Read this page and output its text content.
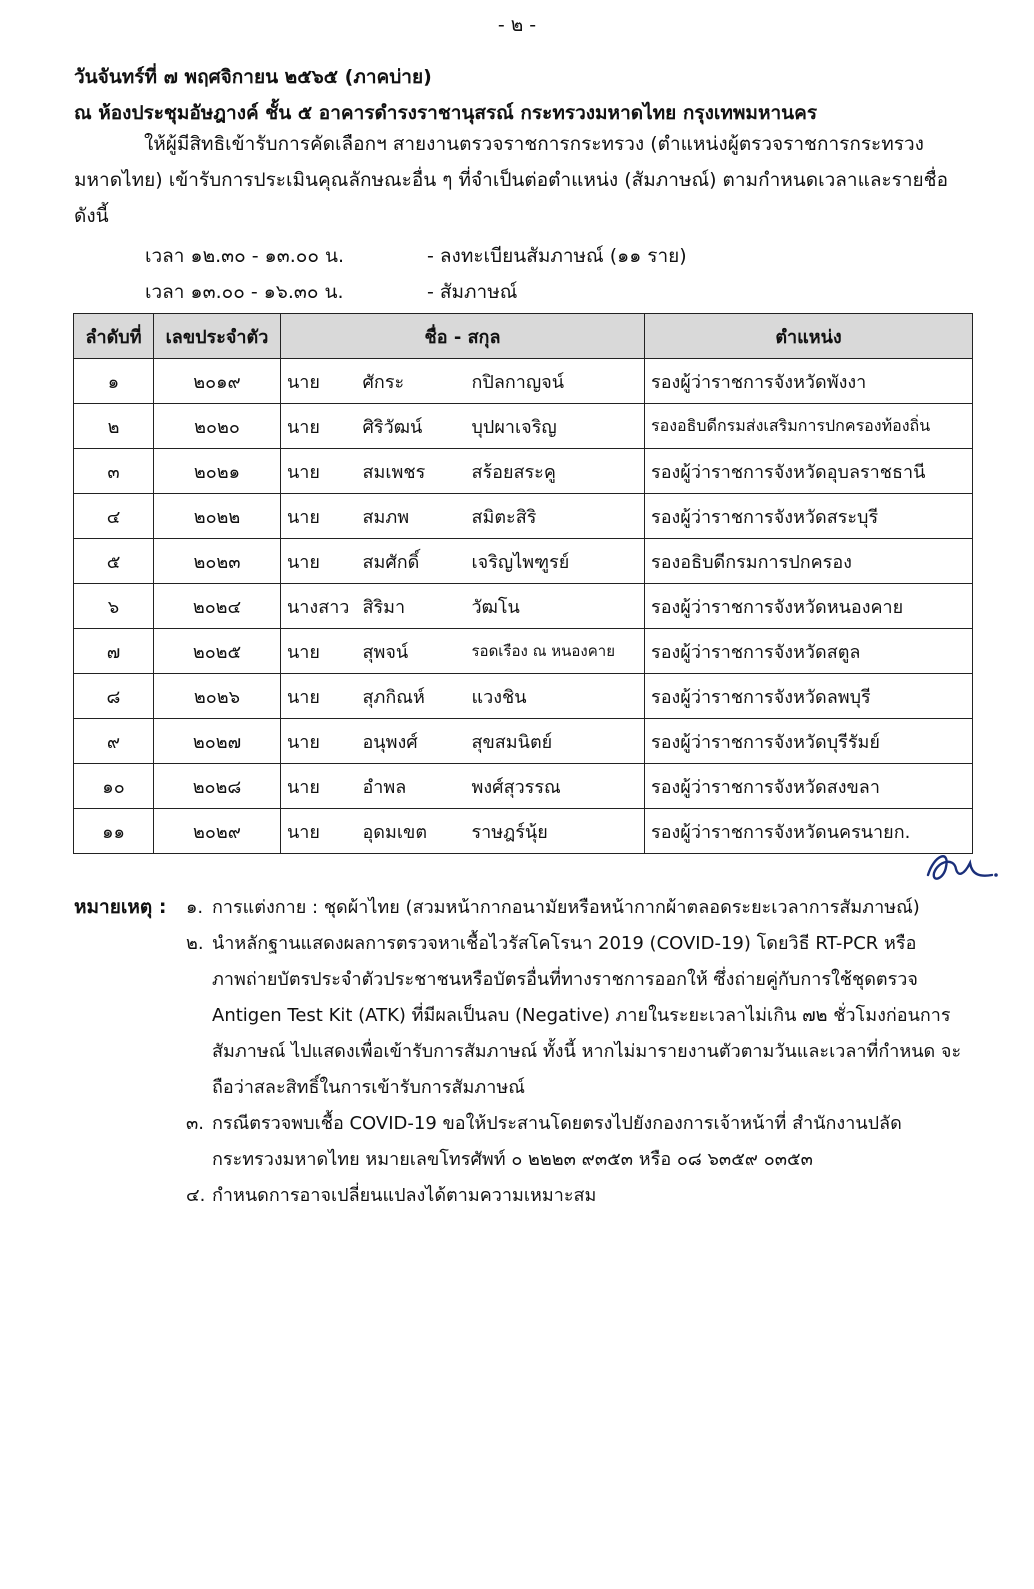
- ๒ -
วันจันทร์ที่ ๗ พฤศจิกายน ๒๕๖๕ (ภาคบ่าย)
ณ ห้องประชุมอัษฎางค์ ชั้น ๕ อาคารดำรงราชานุสรณ์ กระทรวงมหาดไทย กรุงเทพมหานคร
ให้ผู้มีสิทธิเข้ารับการคัดเลือกฯ สายงานตรวจราชการกระทรวง (ตำแหน่งผู้ตรวจราชการกระทรวงมหาดไทย) เข้ารับการประเมินคุณลักษณะอื่น ๆ ที่จำเป็นต่อตำแหน่ง (สัมภาษณ์) ตามกำหนดเวลาและรายชื่อ ดังนี้
เวลา ๑๒.๓๐ - ๑๓.๐๐ น.	- ลงทะเบียนสัมภาษณ์ (๑๑ ราย)
เวลา ๑๓.๐๐ - ๑๖.๓๐ น.	- สัมภาษณ์
ลำดับที่	เลขประจำตัว	ชื่อ - สกุล			ตำแหน่ง
๑	๒๐๑๙	นาย	ศักระ	กปิลกาญจน์	รองผู้ว่าราชการจังหวัดพังงา
๒	๒๐๒๐	นาย	ศิริวัฒน์	บุปผาเจริญ	รองอธิบดีกรมส่งเสริมการปกครองท้องถิ่น
๓	๒๐๒๑	นาย	สมเพชร	สร้อยสระคู	รองผู้ว่าราชการจังหวัดอุบลราชธานี
๔	๒๐๒๒	นาย	สมภพ	สมิตะสิริ	รองผู้ว่าราชการจังหวัดสระบุรี
๕	๒๐๒๓	นาย	สมศักดิ์	เจริญไพฑูรย์	รองอธิบดีกรมการปกครอง
๖	๒๐๒๔	นางสาว	สิริมา	วัฒโน	รองผู้ว่าราชการจังหวัดหนองคาย
๗	๒๐๒๕	นาย	สุพจน์	รอดเรือง ณ หนองคาย	รองผู้ว่าราชการจังหวัดสตูล
๘	๒๐๒๖	นาย	สุภกิณห์	แวงชิน	รองผู้ว่าราชการจังหวัดลพบุรี
๙	๒๐๒๗	นาย	อนุพงศ์	สุขสมนิตย์	รองผู้ว่าราชการจังหวัดบุรีรัมย์
๑๐	๒๐๒๘	นาย	อำพล	พงศ์สุวรรณ	รองผู้ว่าราชการจังหวัดสงขลา
๑๑	๒๐๒๙	นาย	อุดมเขต	ราษฎร์นุ้ย	รองผู้ว่าราชการจังหวัดนครนายก.
หมายเหตุ : ๑. การแต่งกาย : ชุดผ้าไทย (สวมหน้ากากอนามัยหรือหน้ากากผ้าตลอดระยะเวลาการสัมภาษณ์)
๒. นำหลักฐานแสดงผลการตรวจหาเชื้อไวรัสโคโรนา 2019 (COVID-19) โดยวิธี RT-PCR หรือภาพถ่ายบัตรประจำตัวประชาชนหรือบัตรอื่นที่ทางราชการออกให้ ซึ่งถ่ายคู่กับการใช้ชุดตรวจ Antigen Test Kit (ATK) ที่มีผลเป็นลบ (Negative) ภายในระยะเวลาไม่เกิน ๗๒ ชั่วโมงก่อนการสัมภาษณ์ ไปแสดงเพื่อเข้ารับการสัมภาษณ์ ทั้งนี้ หากไม่มารายงานตัวตามวันและเวลาที่กำหนด จะถือว่าสละสิทธิ์ในการเข้ารับการสัมภาษณ์
๓. กรณีตรวจพบเชื้อ COVID-19 ขอให้ประสานโดยตรงไปยังกองการเจ้าหน้าที่ สำนักงานปลัดกระทรวงมหาดไทย หมายเลขโทรศัพท์ ๐ ๒๒๒๓ ๙๓๕๓ หรือ ๐๘ ๖๓๕๙ ๐๓๕๓
๔. กำหนดการอาจเปลี่ยนแปลงได้ตามความเหมาะสม
